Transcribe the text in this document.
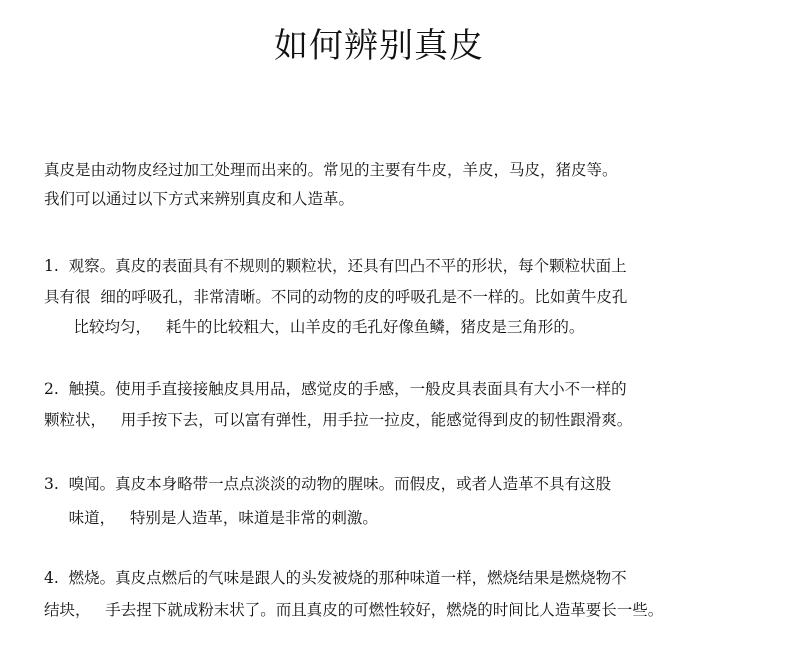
如何辨别真皮

真皮是由动物皮经过加工处理而出来的。常见的主要有牛皮，羊皮，马皮，猪皮等。

我们可以通过以下方式来辨别真皮和人造革。

1.  观察。真皮的表面具有不规则的颗粒状，还具有凹凸不平的形状，每个颗粒状面上

具有很  细的呼吸孔，非常清晰。不同的动物的皮的呼吸孔是不一样的。比如黄牛皮孔

比较均匀，   耗牛的比较粗大，山羊皮的毛孔好像鱼鳞，猪皮是三角形的。

2.  触摸。使用手直接接触皮具用品，感觉皮的手感，一般皮具表面具有大小不一样的

颗粒状，   用手按下去，可以富有弹性，用手拉一拉皮，能感觉得到皮的韧性跟滑爽。

3.  嗅闻。真皮本身略带一点点淡淡的动物的腥味。而假皮，或者人造革不具有这股

味道，   特别是人造革，味道是非常的刺激。

4.  燃烧。真皮点燃后的气味是跟人的头发被烧的那种味道一样，燃烧结果是燃烧物不

结块，   手去捏下就成粉末状了。而且真皮的可燃性较好，燃烧的时间比人造革要长一些。
